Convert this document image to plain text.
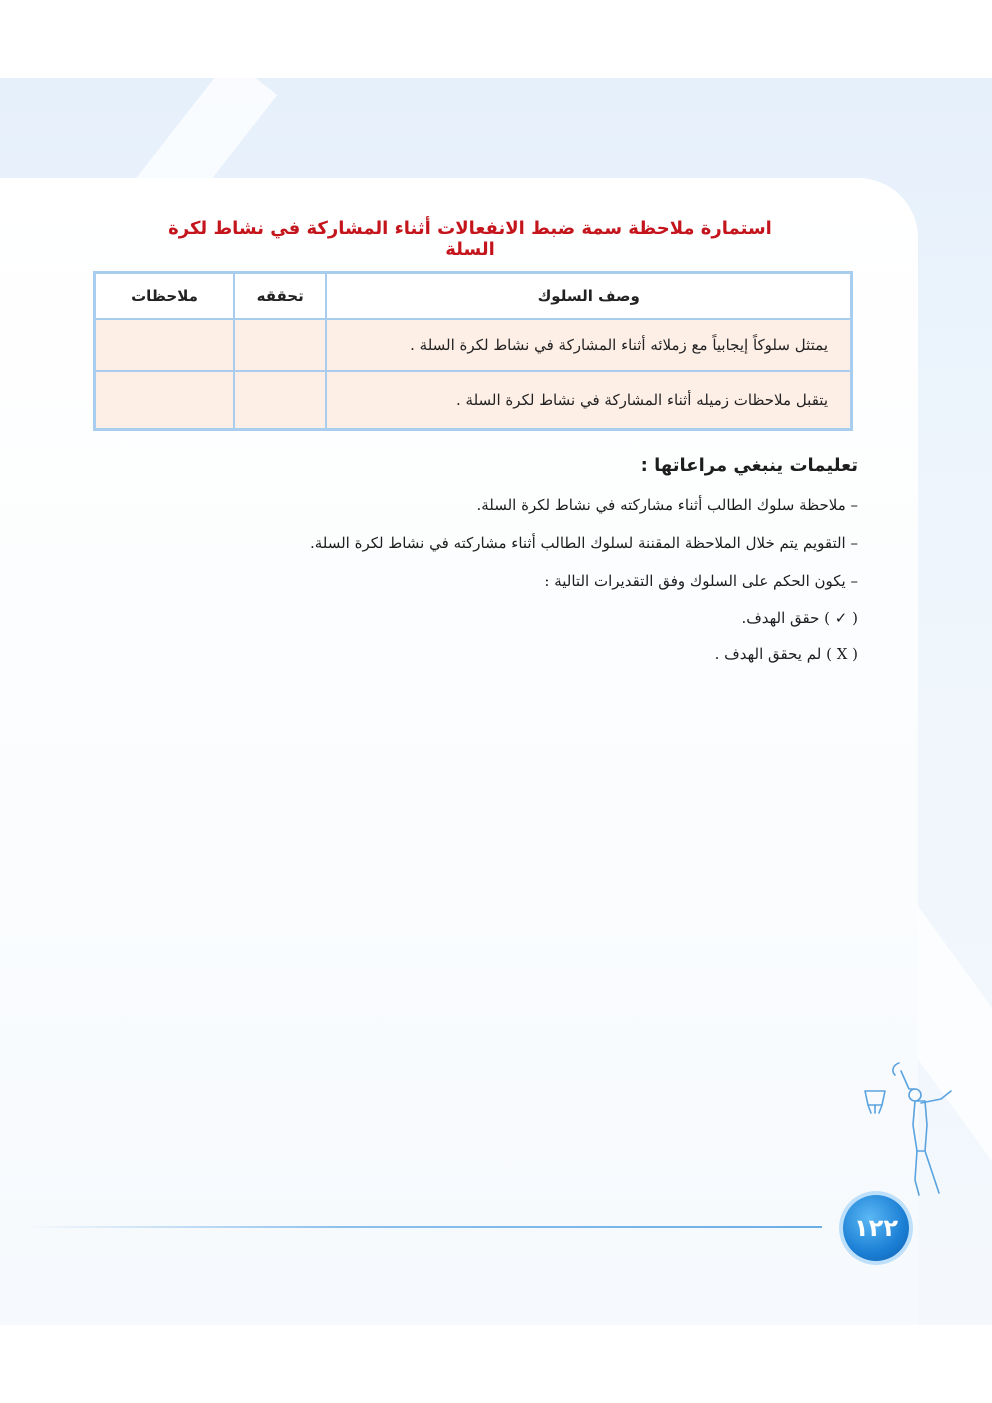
استمارة ملاحظة سمة ضبط الانفعالات أثناء المشاركة في نشاط لكرة السلة
وصف السلوك	تحققه	ملاحظات
يمتثل سلوكاً إيجابياً مع زملائه أثناء المشاركة في نشاط لكرة السلة .		
يتقبل ملاحظات زميله أثناء المشاركة في نشاط لكرة السلة .		

تعليمات ينبغي مراعاتها :

– ملاحظة سلوك الطالب أثناء مشاركته في نشاط لكرة السلة.

– التقويم يتم خلال الملاحظة المقننة لسلوك الطالب أثناء مشاركته في نشاط لكرة السلة.

– يكون الحكم على السلوك وفق التقديرات التالية :

( ✓ ) حقق الهدف.

( X ) لم يحقق الهدف .

١٢٢
